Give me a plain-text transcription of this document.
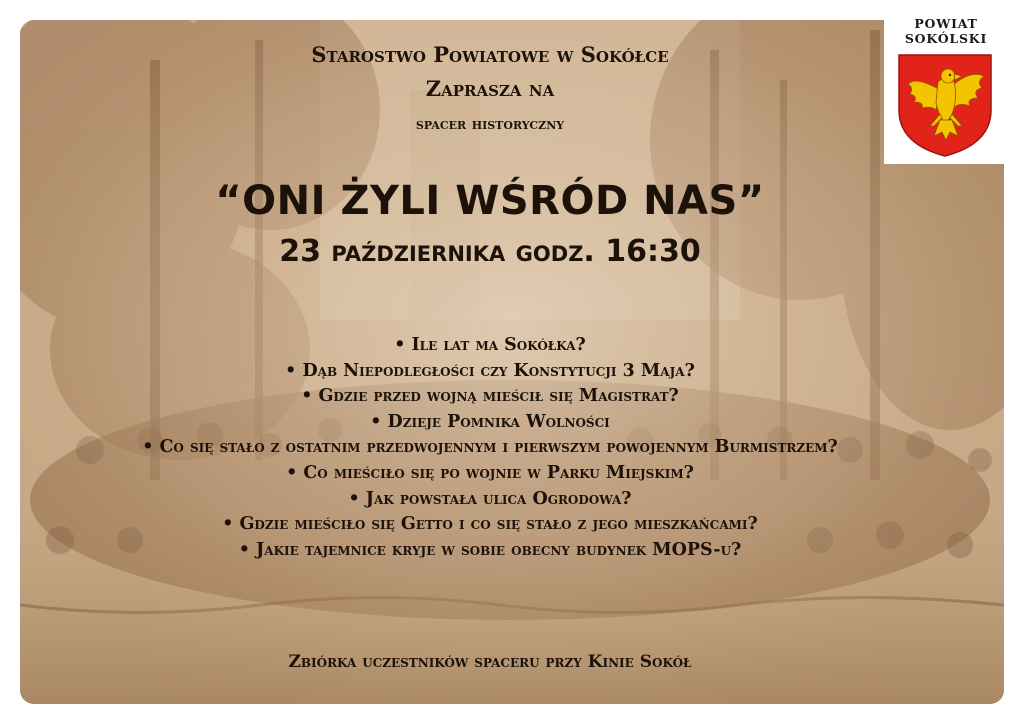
Starostwo Powiatowe w Sokółce
Zaprasza na
spacer historyczny
“ONI ŻYLI WŚRÓD NAS”
23 października godz. 16:30
• Ile lat ma Sokółka?
• Dąb Niepodległości czy Konstytucji 3 Maja?
• Gdzie przed wojną mieścił się Magistrat?
• Dzieje Pomnika Wolności
• Co się stało z ostatnim przedwojennym i pierwszym powojennym Burmistrzem?
• Co mieściło się po wojnie w Parku Miejskim?
• Jak powstała ulica Ogrodowa?
• Gdzie mieściło się Getto i co się stało z jego mieszkańcami?
• Jakie tajemnice kryje w sobie obecny budynek MOPS-u?
Zbiórka uczestników spaceru przy Kinie Sokół
POWIAT
SOKÓLSKI
